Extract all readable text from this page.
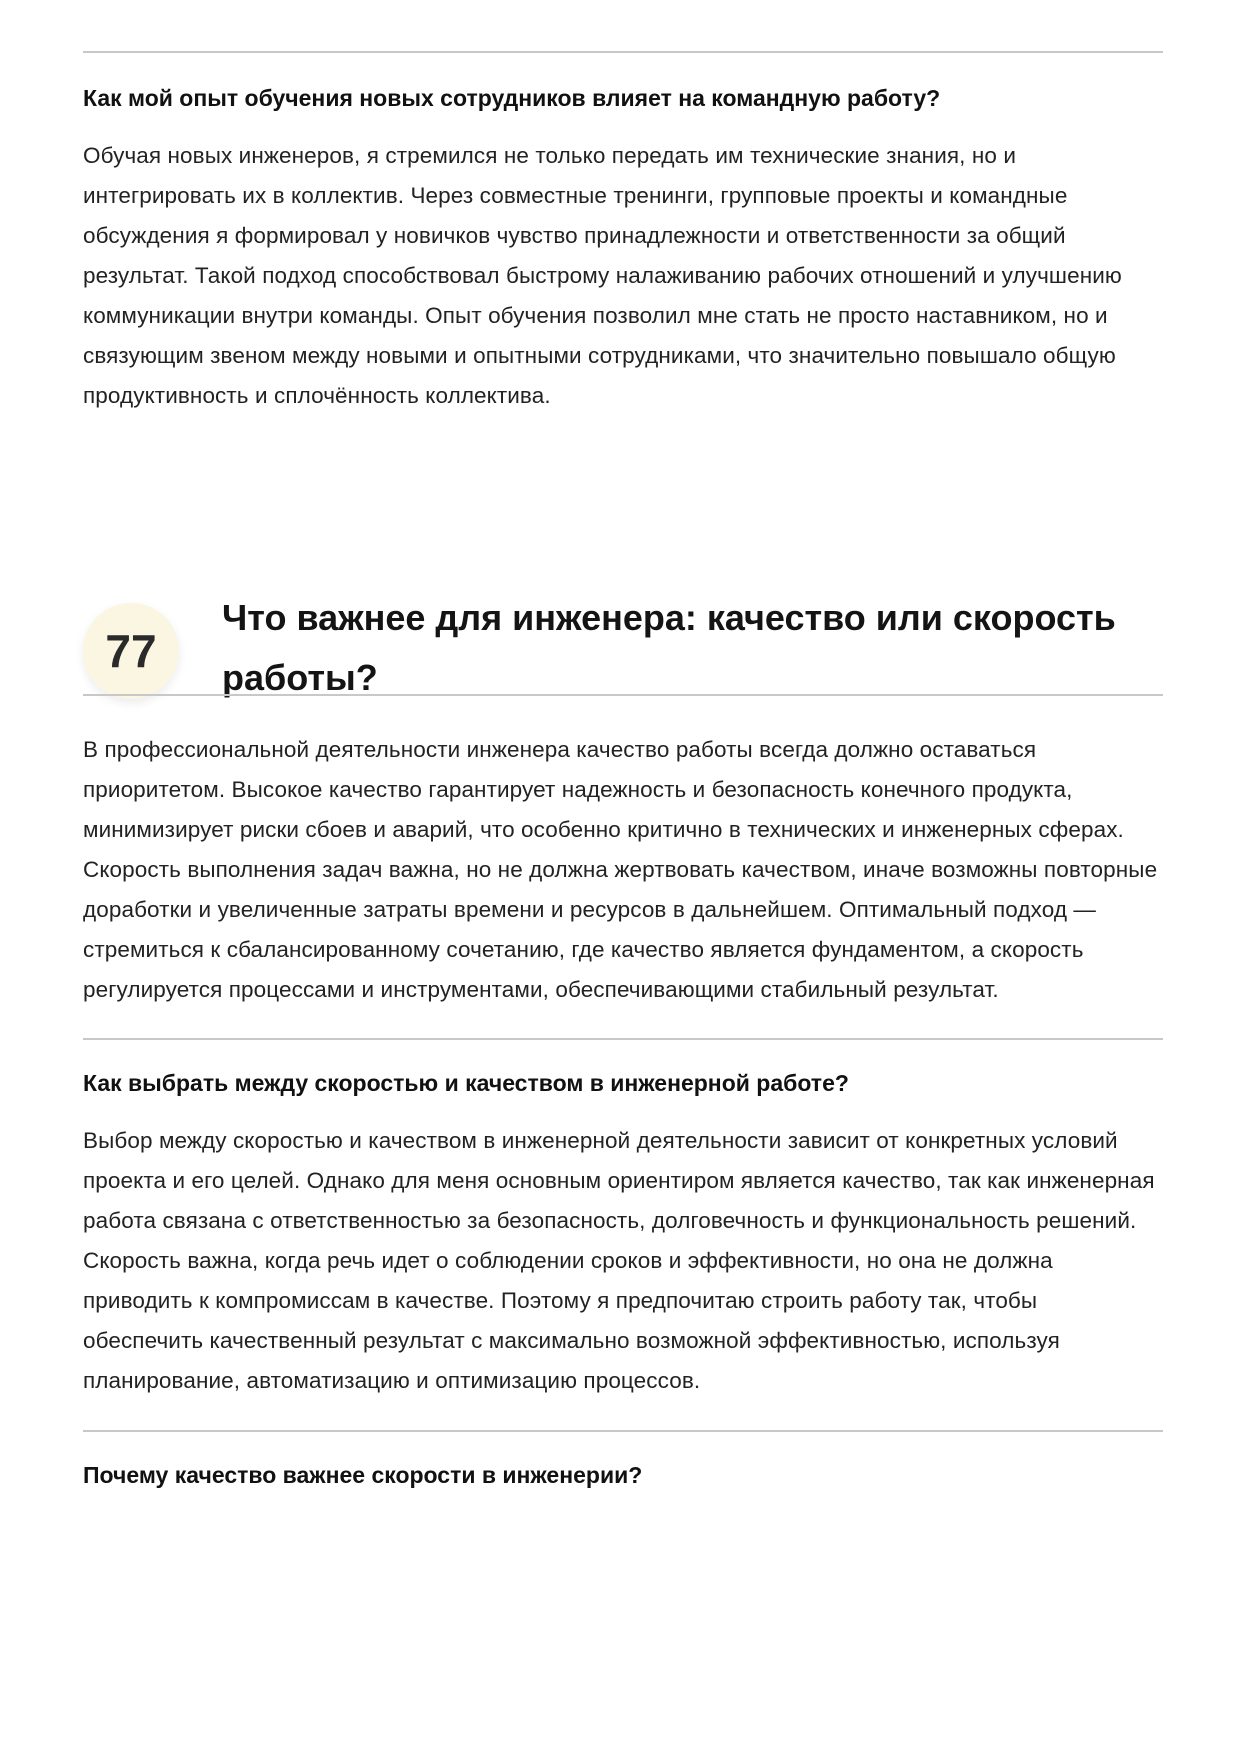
Как мой опыт обучения новых сотрудников влияет на командную работу?

Обучая новых инженеров, я стремился не только передать им технические знания, но и интегрировать их в коллектив. Через совместные тренинги, групповые проекты и командные обсуждения я формировал у новичков чувство принадлежности и ответственности за общий результат. Такой подход способствовал быстрому налаживанию рабочих отношений и улучшению коммуникации внутри команды. Опыт обучения позволил мне стать не просто наставником, но и связующим звеном между новыми и опытными сотрудниками, что значительно повышало общую продуктивность и сплочённость коллектива.

77
Что важнее для инженера: качество или скорость работы?

В профессиональной деятельности инженера качество работы всегда должно оставаться приоритетом. Высокое качество гарантирует надежность и безопасность конечного продукта, минимизирует риски сбоев и аварий, что особенно критично в технических и инженерных сферах. Скорость выполнения задач важна, но не должна жертвовать качеством, иначе возможны повторные доработки и увеличенные затраты времени и ресурсов в дальнейшем. Оптимальный подход — стремиться к сбалансированному сочетанию, где качество является фундаментом, а скорость регулируется процессами и инструментами, обеспечивающими стабильный результат.

Как выбрать между скоростью и качеством в инженерной работе?

Выбор между скоростью и качеством в инженерной деятельности зависит от конкретных условий проекта и его целей. Однако для меня основным ориентиром является качество, так как инженерная работа связана с ответственностью за безопасность, долговечность и функциональность решений. Скорость важна, когда речь идет о соблюдении сроков и эффективности, но она не должна приводить к компромиссам в качестве. Поэтому я предпочитаю строить работу так, чтобы обеспечить качественный результат с максимально возможной эффективностью, используя планирование, автоматизацию и оптимизацию процессов.

Почему качество важнее скорости в инженерии?
